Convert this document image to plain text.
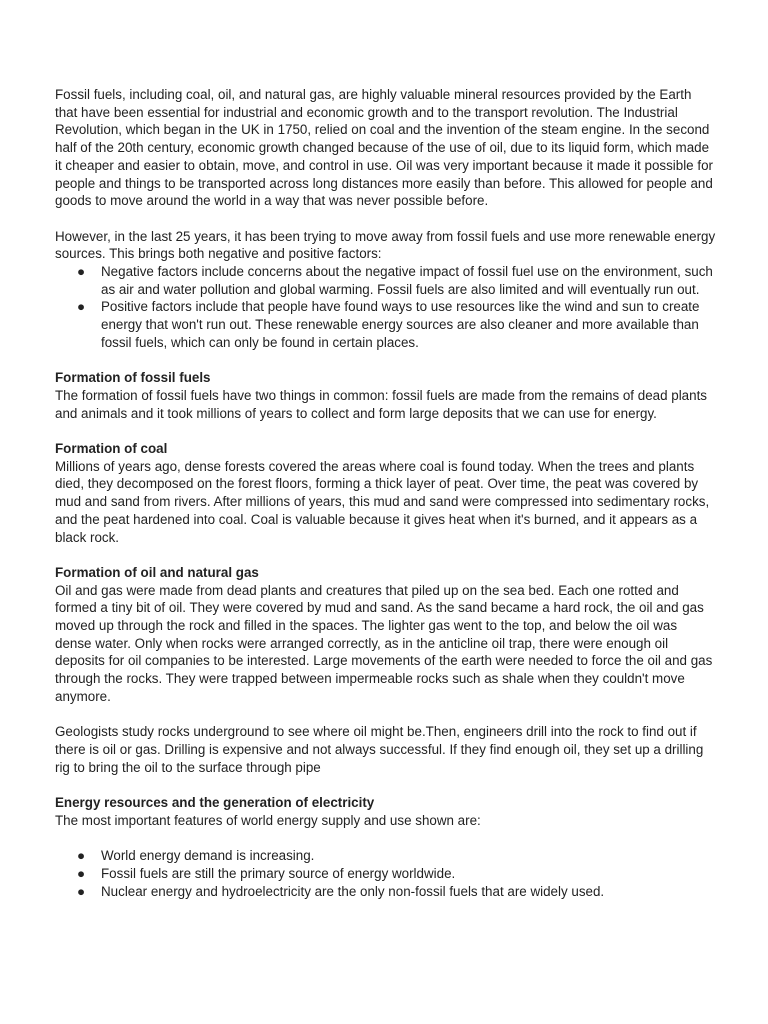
Fossil fuels, including coal, oil, and natural gas, are highly valuable mineral resources provided by the Earth that have been essential for industrial and economic growth and to the transport revolution. The Industrial Revolution, which began in the UK in 1750, relied on coal and the invention of the steam engine. In the second half of the 20th century, economic growth changed because of the use of oil, due to its liquid form, which made it cheaper and easier to obtain, move, and control in use. Oil was very important because it made it possible for people and things to be transported across long distances more easily than before. This allowed for people and goods to move around the world in a way that was never possible before.

However, in the last 25 years, it has been trying to move away from fossil fuels and use more renewable energy sources. This brings both negative and positive factors:

● Negative factors include concerns about the negative impact of fossil fuel use on the environment, such as air and water pollution and global warming. Fossil fuels are also limited and will eventually run out.
● Positive factors include that people have found ways to use resources like the wind and sun to create energy that won't run out. These renewable energy sources are also cleaner and more available than fossil fuels, which can only be found in certain places.

Formation of fossil fuels

The formation of fossil fuels have two things in common: fossil fuels are made from the remains of dead plants and animals and it took millions of years to collect and form large deposits that we can use for energy.

Formation of coal

Millions of years ago, dense forests covered the areas where coal is found today. When the trees and plants died, they decomposed on the forest floors, forming a thick layer of peat. Over time, the peat was covered by mud and sand from rivers. After millions of years, this mud and sand were compressed into sedimentary rocks, and the peat hardened into coal. Coal is valuable because it gives heat when it's burned, and it appears as a black rock.

Formation of oil and natural gas

Oil and gas were made from dead plants and creatures that piled up on the sea bed. Each one rotted and formed a tiny bit of oil. They were covered by mud and sand. As the sand became a hard rock, the oil and gas moved up through the rock and filled in the spaces. The lighter gas went to the top, and below the oil was dense water. Only when rocks were arranged correctly, as in the anticline oil trap, there were enough oil deposits for oil companies to be interested. Large movements of the earth were needed to force the oil and gas through the rocks. They were trapped between impermeable rocks such as shale when they couldn't move anymore.

Geologists study rocks underground to see where oil might be.Then, engineers drill into the rock to find out if there is oil or gas. Drilling is expensive and not always successful. If they find enough oil, they set up a drilling rig to bring the oil to the surface through pipe

Energy resources and the generation of electricity

The most important features of world energy supply and use shown are:

● World energy demand is increasing.
● Fossil fuels are still the primary source of energy worldwide.
● Nuclear energy and hydroelectricity are the only non-fossil fuels that are widely used.
